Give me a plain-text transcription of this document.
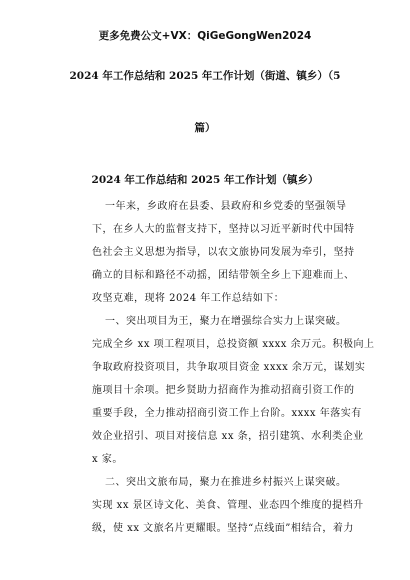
更多免费公文+VX：QiGeGongWen2024
2024 年工作总结和 2025 年工作计划（街道、镇乡）（5
篇）
2024 年工作总结和 2025 年工作计划（镇乡）
一年来，乡政府在县委、县政府和乡党委的坚强领导
下，在乡人大的监督支持下，坚持以习近平新时代中国特
色社会主义思想为指导，以农文旅协同发展为牵引，坚持
确立的目标和路径不动摇，团结带领全乡上下迎难而上、
攻坚克难，现将 2024 年工作总结如下：
一、突出项目为王，聚力在增强综合实力上谋突破。
完成全乡 xx 项工程项目，总投资额 xxxx 余万元。积极向上
争取政府投资项目，共争取项目资金 xxxx 余万元，谋划实
施项目十余项。把乡贤助力招商作为推动招商引资工作的
重要手段，全力推动招商引资工作上台阶。xxxx 年落实有
效企业招引、项目对接信息 xx 条，招引建筑、水利类企业
x 家。
二、突出文旅布局，聚力在推进乡村振兴上谋突破。
实现 xx 景区诗文化、美食、管理、业态四个维度的提档升
级，使 xx 文旅名片更耀眼。坚持“点线面”相结合，着力
